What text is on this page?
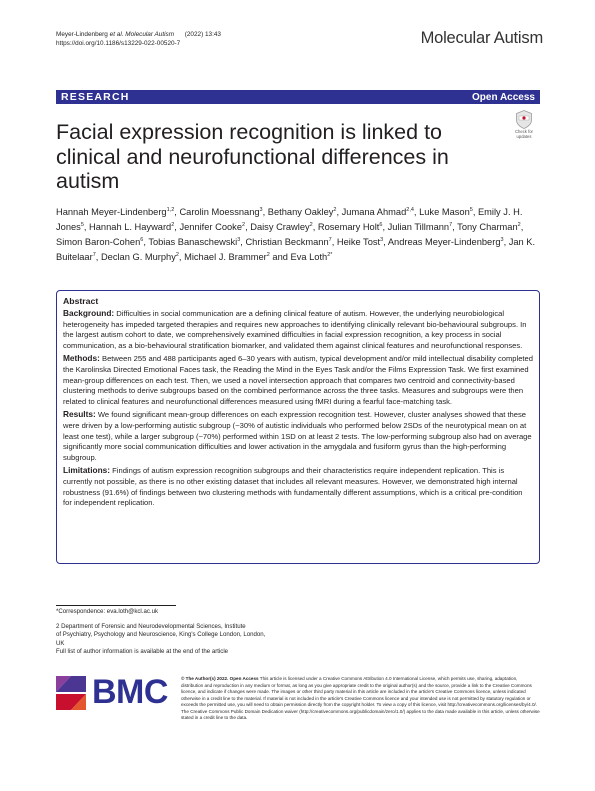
Meyer-Lindenberg et al. Molecular Autism (2022) 13:43
https://doi.org/10.1186/s13229-022-00520-7	Molecular Autism
RESEARCH	Open Access
Check for
updates
Facial expression recognition is linked to clinical and neurofunctional differences in autism
Hannah Meyer-Lindenberg$^{1,2}$, Carolin Moessnang$^3$, Bethany Oakley$^2$, Jumana Ahmad$^{2,4}$, Luke Mason$^5$, Emily J. H. Jones$^5$, Hannah L. Hayward$^2$, Jennifer Cooke$^2$, Daisy Crawley$^2$, Rosemary Holt$^6$, Julian Tillmann$^7$, Tony Charman$^2$, Simon Baron-Cohen$^6$, Tobias Banaschewski$^3$, Christian Beckmann$^7$, Heike Tost$^3$, Andreas Meyer-Lindenberg$^3$, Jan K. Buitelaar$^7$, Declan G. Murphy$^2$, Michael J. Brammer$^2$ and Eva Loth$^{2*}$
Abstract

Background: Difficulties in social communication are a defining clinical feature of autism. However, the underlying neurobiological heterogeneity has impeded targeted therapies and requires new approaches to identifying clinically relevant bio-behavioural subgroups. In the largest autism cohort to date, we comprehensively examined difficulties in facial expression recognition, a key process in social communication, as a bio-behavioural stratification biomarker, and validated them against clinical features and neurofunctional responses.

Methods: Between 255 and 488 participants aged 6–30 years with autism, typical development and/or mild intellectual disability completed the Karolinska Directed Emotional Faces task, the Reading the Mind in the Eyes Task and/or the Films Expression Task. We first examined mean-group differences on each test. Then, we used a novel intersection approach that compares two centroid and connectivity-based clustering methods to derive subgroups based on the combined performance across the three tasks. Measures and subgroups were then related to clinical features and neurofunctional differences measured using fMRI during a fearful face-matching task.

Results: We found significant mean-group differences on each expression recognition test. However, cluster analyses showed that these were driven by a low-performing autistic subgroup (~30% of autistic individuals who performed below 2SDs of the neurotypical mean on at least one test), while a larger subgroup (~70%) performed within 1SD on at least 2 tests. The low-performing subgroup also had on average significantly more social communication difficulties and lower activation in the amygdala and fusiform gyrus than the high-performing subgroup.

Limitations: Findings of autism expression recognition subgroups and their characteristics require independent replication. This is currently not possible, as there is no other existing dataset that includes all relevant measures. However, we demonstrated high internal robustness (91.6%) of findings between two clustering methods with fundamentally different assumptions, which is a critical pre-condition for independent replication.

*Correspondence: eva.loth@kcl.ac.uk
2 Department of Forensic and Neurodevelopmental Sciences, Institute
of Psychiatry, Psychology and Neuroscience, King's College London, London,
UK
Full list of author information is available at the end of the article
BMC	© The Author(s) 2022. Open Access This article is licensed under a Creative Commons Attribution 4.0 International License, which permits use, sharing, adaptation, distribution and reproduction in any medium or format, as long as you give appropriate credit to the original author(s) and the source, provide a link to the Creative Commons licence, and indicate if changes were made. The images or other third party material in this article are included in the article's Creative Commons licence, unless indicated otherwise in a credit line to the material. If material is not included in the article's Creative Commons licence and your intended use is not permitted by statutory regulation or exceeds the permitted use, you will need to obtain permission directly from the copyright holder. To view a copy of this licence, visit http://creativecommons.org/licenses/by/4.0/. The Creative Commons Public Domain Dedication waiver (http://creativecommons.org/publicdomain/zero/1.0/) applies to the data made available in this article, unless otherwise stated in a credit line to the data.
